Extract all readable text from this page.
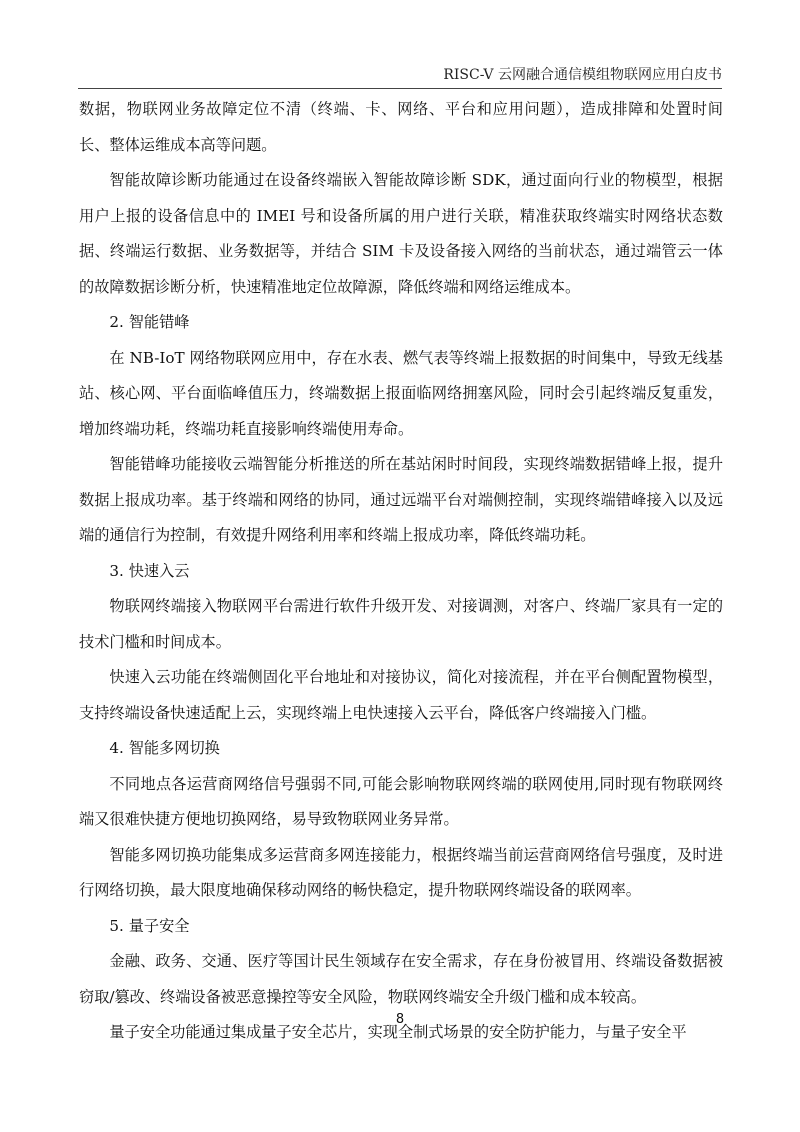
RISC-V 云网融合通信模组物联网应用白皮书

数据，物联网业务故障定位不清（终端、卡、网络、平台和应用问题），造成排障和处置时间长、整体运维成本高等问题。

智能故障诊断功能通过在设备终端嵌入智能故障诊断 SDK，通过面向行业的物模型，根据用户上报的设备信息中的 IMEI 号和设备所属的用户进行关联，精准获取终端实时网络状态数据、终端运行数据、业务数据等，并结合 SIM 卡及设备接入网络的当前状态，通过端管云一体的故障数据诊断分析，快速精准地定位故障源，降低终端和网络运维成本。

2. 智能错峰

在 NB-IoT 网络物联网应用中，存在水表、燃气表等终端上报数据的时间集中，导致无线基站、核心网、平台面临峰值压力，终端数据上报面临网络拥塞风险，同时会引起终端反复重发，增加终端功耗，终端功耗直接影响终端使用寿命。

智能错峰功能接收云端智能分析推送的所在基站闲时时间段，实现终端数据错峰上报，提升数据上报成功率。基于终端和网络的协同，通过远端平台对端侧控制，实现终端错峰接入以及远端的通信行为控制，有效提升网络利用率和终端上报成功率，降低终端功耗。

3. 快速入云

物联网终端接入物联网平台需进行软件升级开发、对接调测，对客户、终端厂家具有一定的技术门槛和时间成本。

快速入云功能在终端侧固化平台地址和对接协议，简化对接流程，并在平台侧配置物模型，支持终端设备快速适配上云，实现终端上电快速接入云平台，降低客户终端接入门槛。

4. 智能多网切换

不同地点各运营商网络信号强弱不同,可能会影响物联网终端的联网使用,同时现有物联网终端又很难快捷方便地切换网络，易导致物联网业务异常。

智能多网切换功能集成多运营商多网连接能力，根据终端当前运营商网络信号强度，及时进行网络切换，最大限度地确保移动网络的畅快稳定，提升物联网终端设备的联网率。

5. 量子安全

金融、政务、交通、医疗等国计民生领域存在安全需求，存在身份被冒用、终端设备数据被窃取/篡改、终端设备被恶意操控等安全风险，物联网终端安全升级门槛和成本较高。

量子安全功能通过集成量子安全芯片，实现全制式场景的安全防护能力，与量子安全平

8
